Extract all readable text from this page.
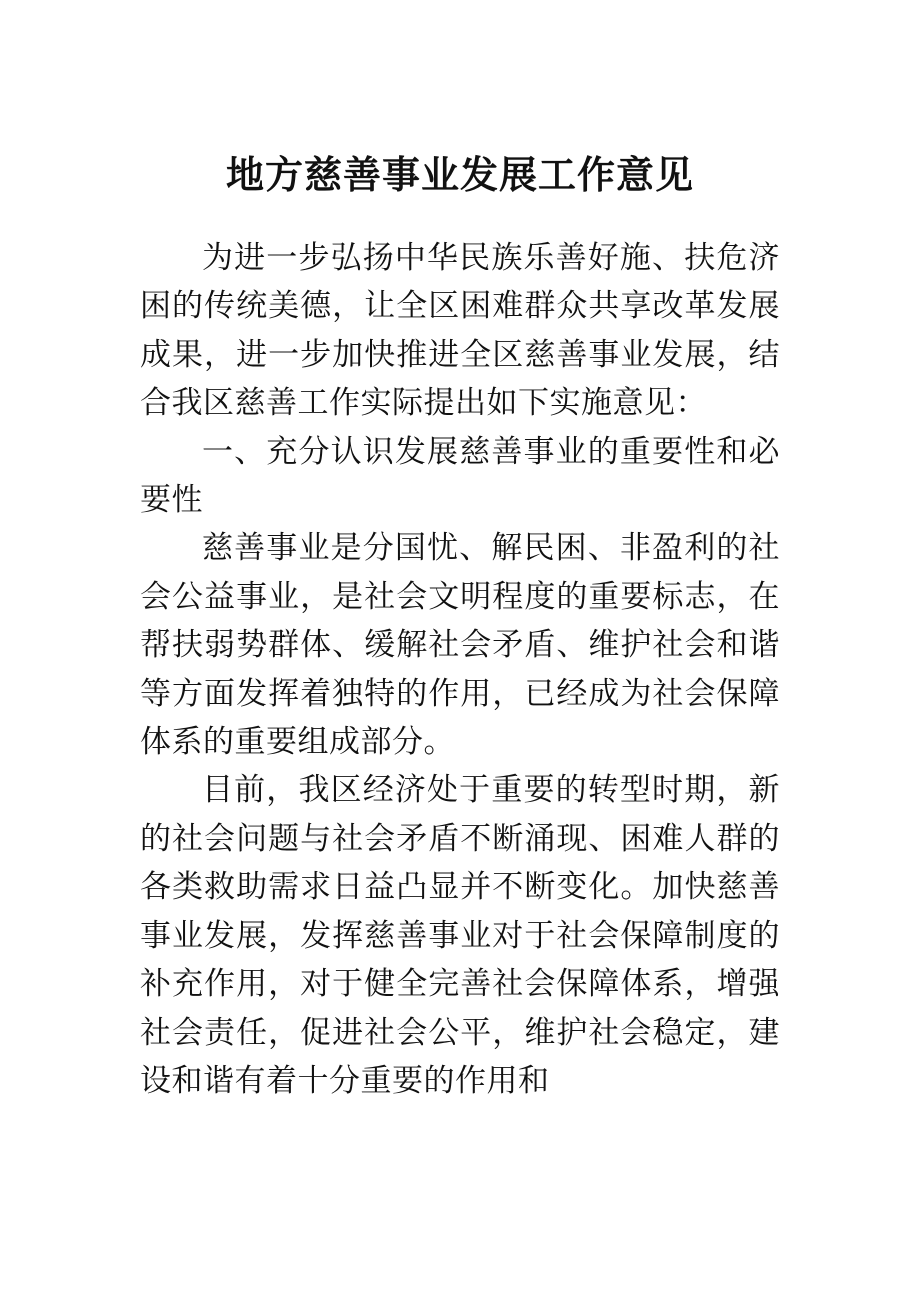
地方慈善事业发展工作意见

为进一步弘扬中华民族乐善好施、扶危济困的传统美德，让全区困难群众共享改革发展成果，进一步加快推进全区慈善事业发展，结合我区慈善工作实际提出如下实施意见：

一、充分认识发展慈善事业的重要性和必要性

慈善事业是分国忧、解民困、非盈利的社会公益事业，是社会文明程度的重要标志，在帮扶弱势群体、缓解社会矛盾、维护社会和谐等方面发挥着独特的作用，已经成为社会保障体系的重要组成部分。

目前，我区经济处于重要的转型时期，新的社会问题与社会矛盾不断涌现、困难人群的各类救助需求日益凸显并不断变化。加快慈善事业发展，发挥慈善事业对于社会保障制度的补充作用，对于健全完善社会保障体系，增强社会责任，促进社会公平，维护社会稳定，建设和谐有着十分重要的作用和
